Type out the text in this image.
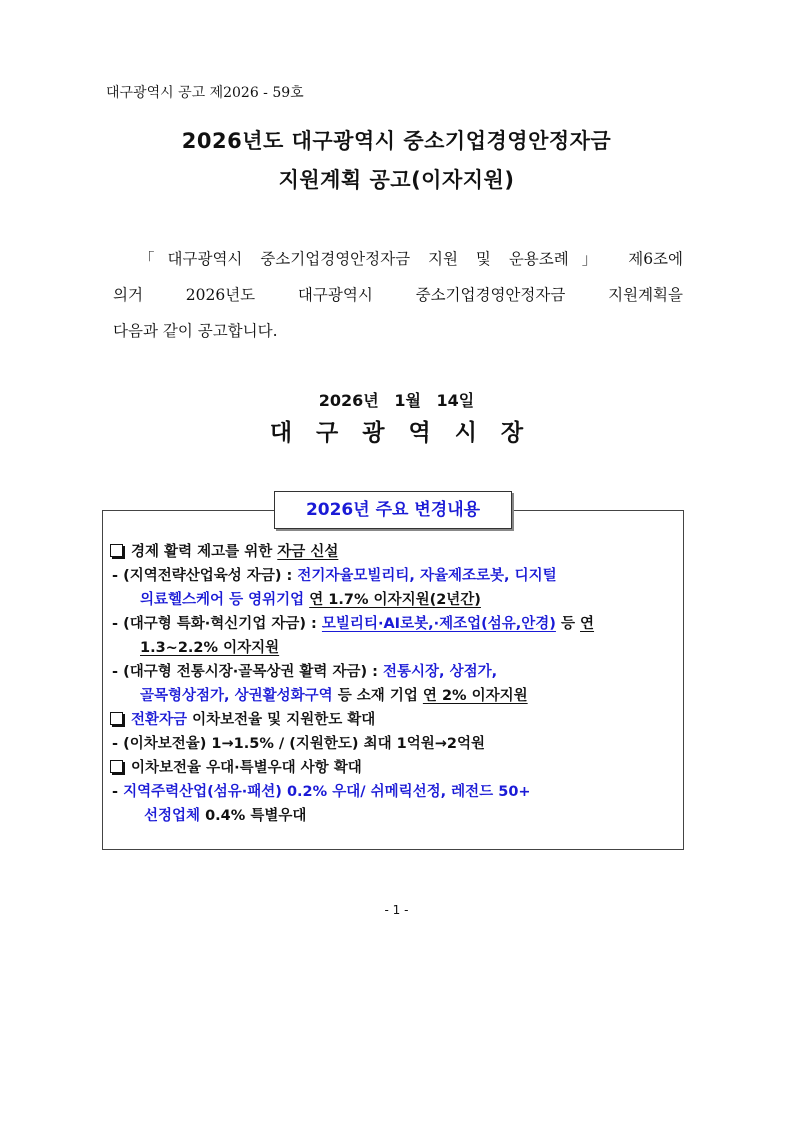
대구광역시 공고 제2026 - 59호
2026년도 대구광역시 중소기업경영안정자금
지원계획 공고(이자지원)
「대구광역시 중소기업경영안정자금 지원 및 운용조례」 제6조에
의거 2026년도 대구광역시 중소기업경영안정자금 지원계획을
다음과 같이 공고합니다.
2026년 1월 14일
대구광역시장
2026년 주요 변경내용
경제 활력 제고를 위한 자금 신설
- (지역전략산업육성 자금) : 전기자율모빌리티, 자율제조로봇, 디지털
의료헬스케어 등 영위기업 연 1.7% 이자지원(2년간)
- (대구형 특화·혁신기업 자금) : 모빌리티·AI로봇,·제조업(섬유,안경) 등 연
1.3~2.2% 이자지원
- (대구형 전통시장·골목상권 활력 자금) : 전통시장, 상점가,
골목형상점가, 상권활성화구역 등 소재 기업 연 2% 이자지원
전환자금 이차보전율 및 지원한도 확대
- (이차보전율) 1→1.5% / (지원한도) 최대 1억원→2억원
이차보전율 우대·특별우대 사항 확대
- 지역주력산업(섬유·패션) 0.2% 우대/ 쉬메릭선정, 레전드 50+
선정업체 0.4% 특별우대
- 1 -
